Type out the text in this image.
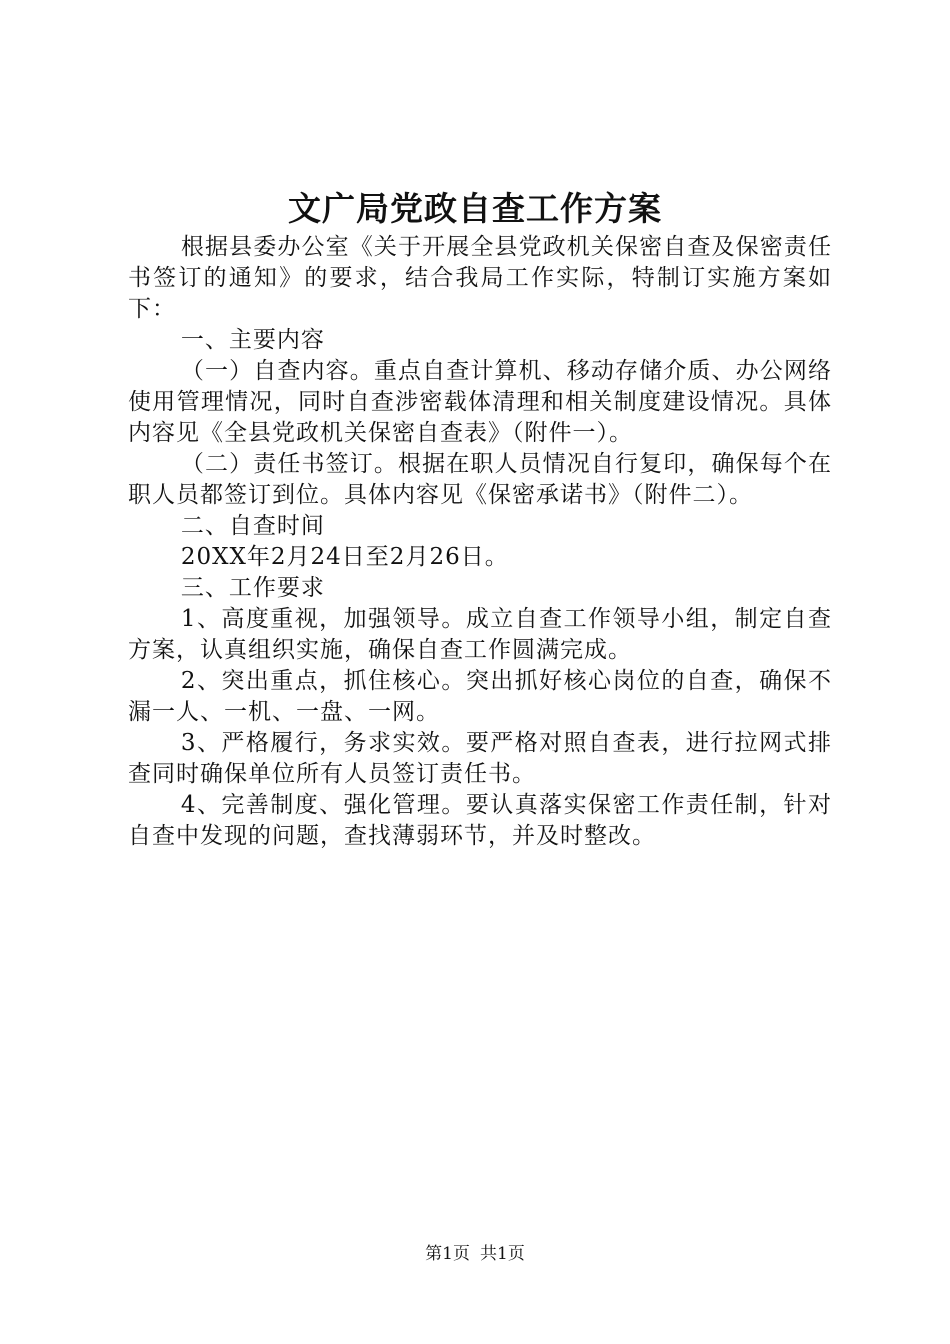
文广局党政自查工作方案

根据县委办公室《关于开展全县党政机关保密自查及保密责任书签订的通知》的要求，结合我局工作实际，特制订实施方案如下：

一、主要内容

（一）自查内容。重点自查计算机、移动存储介质、办公网络使用管理情况，同时自查涉密载体清理和相关制度建设情况。具体内容见《全县党政机关保密自查表》（附件一）。

（二）责任书签订。根据在职人员情况自行复印，确保每个在职人员都签订到位。具体内容见《保密承诺书》（附件二）。

二、自查时间

20XX年2月24日至2月26日。

三、工作要求

1、高度重视，加强领导。成立自查工作领导小组，制定自查方案，认真组织实施，确保自查工作圆满完成。

2、突出重点，抓住核心。突出抓好核心岗位的自查，确保不漏一人、一机、一盘、一网。

3、严格履行，务求实效。要严格对照自查表，进行拉网式排查同时确保单位所有人员签订责任书。

4、完善制度、强化管理。要认真落实保密工作责任制，针对自查中发现的问题，查找薄弱环节，并及时整改。

第1页 共1页
